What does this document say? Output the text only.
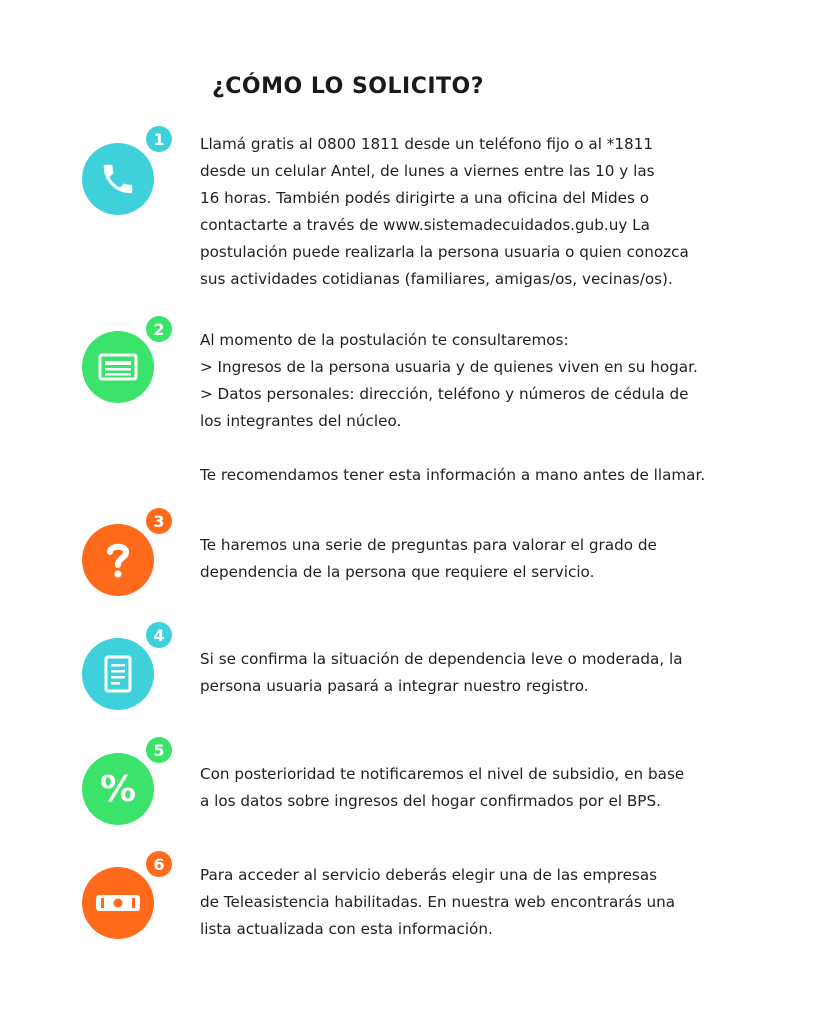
¿CÓMO LO SOLICITO?
1	Llamá gratis al 0800 1811 desde un teléfono fijo o al *1811

desde un celular Antel, de lunes a viernes entre las 10 y las

16 horas. También podés dirigirte a una oficina del Mides o

contactarte a través de www.sistemadecuidados.gub.uy La

postulación puede realizarla la persona usuaria o quien conozca

sus actividades cotidianas (familiares, amigas/os, vecinas/os).

2

Al momento de la postulación te consultaremos:

> Ingresos de la persona usuaria y de quienes viven en su hogar.

> Datos personales: dirección, teléfono y números de cédula de

los integrantes del núcleo.

Te recomendamos tener esta información a mano antes de llamar.

3

Te haremos una serie de preguntas para valorar el grado de

dependencia de la persona que requiere el servicio.

4

Si se confirma la situación de dependencia leve o moderada, la

persona usuaria pasará a integrar nuestro registro.

%
5

Con posterioridad te notificaremos el nivel de subsidio, en base

a los datos sobre ingresos del hogar confirmados por el BPS.

6

Para acceder al servicio deberás elegir una de las empresas

de Teleasistencia habilitadas. En nuestra web encontrarás una

lista actualizada con esta información.
